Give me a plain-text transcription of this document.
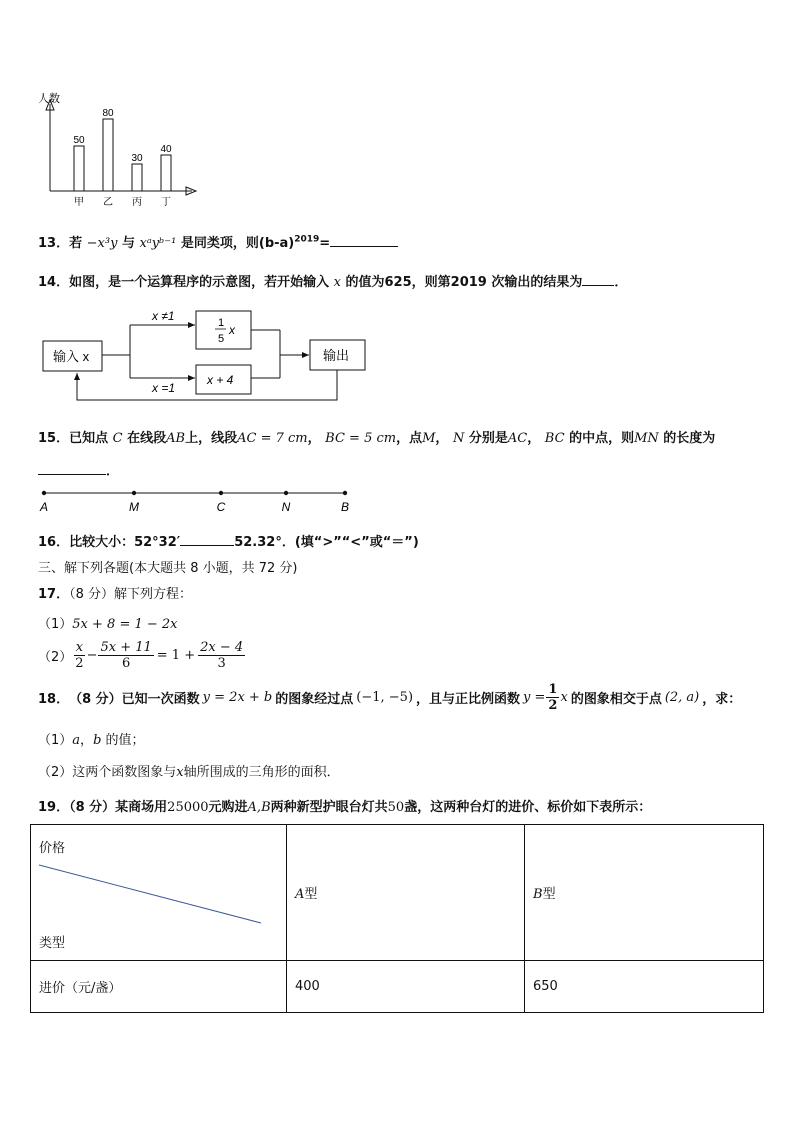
人数
50
甲
80
乙
30
丙
40
丁
13．若 −x³y 与 xᵃyᵇ⁻¹ 是同类项，则$(b-a)^{2019}=$
14．如图，是一个运算程序的示意图，若开始输入 x 的值为625，则第2019 次输出的结果为 ．
输入 x
x ≠1
x =1
1
5
x
x + 4
输出
15．已知点 C 在线段AB上，线段AC = 7 cm， BC = 5 cm，点M， N 分别是AC， BC 的中点，则MN 的长度为
．
A	M	C	N	B
16．比较大小：52°32′	52.32°．(填“>”“<”或“＝”)
三、解下列各题(本大题共 8 小题，共 72 分)
17．（8 分）解下列方程：
（1）5x + 8 = 1 − 2x
$(2) \frac{x}{2} - \frac{5x + 11}{6} = 1 + \frac{2x - 4}{3}$
18． （8 分）已知一次函数 y = 2x + b 的图象经过点 (−1, −5) ，且与正比例函数 $y = \frac{1}{2}$ x 的图象相交于点 (2, a) ，求：
（1）a，b 的值；
（2）这两个函数图象与x轴所围成的三角形的面积．
19．（8 分）某商场用25000元购进A,B两种新型护眼台灯共50盏，这两种台灯的进价、标价如下表所示：
价格
类型	A型	B型
进价（元/盏）	400	650
